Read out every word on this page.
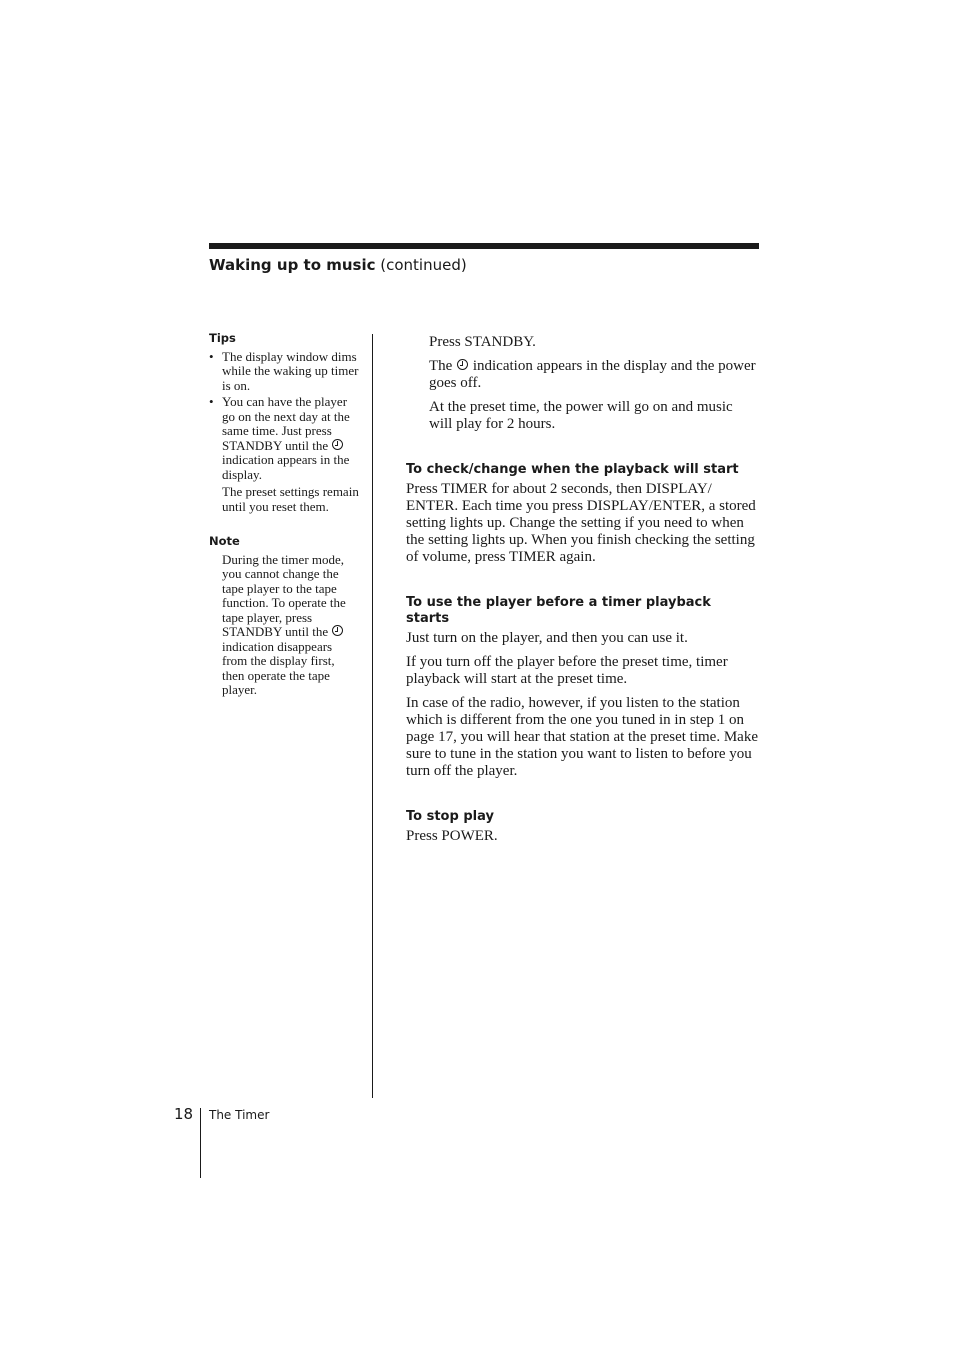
Waking up to music (continued)
Tips
• The display window dims while the waking up timer is on.
• You can have the player go on the next day at the same time. Just press STANDBY until the  indication appears in the display.
The preset settings remain until you reset them.
Note
During the timer mode, you cannot change the tape player to the tape function. To operate the tape player, press STANDBY until the  indication disappears from the display first, then operate the tape player.

Press STANDBY.

The  indication appears in the display and the power goes off.

At the preset time, the power will go on and music will play for 2 hours.

To check/change when the playback will start

Press TIMER for about 2 seconds, then DISPLAY/ ENTER. Each time you press DISPLAY/ENTER, a stored setting lights up. Change the setting if you need to when the setting lights up. When you finish checking the setting of volume, press TIMER again.

To use the player before a timer playback starts

Just turn on the player, and then you can use it.

If you turn off the player before the preset time, timer playback will start at the preset time.

In case of the radio, however, if you listen to the station which is different from the one you tuned in in step 1 on page 17, you will hear that station at the preset time. Make sure to tune in the station you want to listen to before you turn off the player.

To stop play

Press POWER.

18 The Timer
